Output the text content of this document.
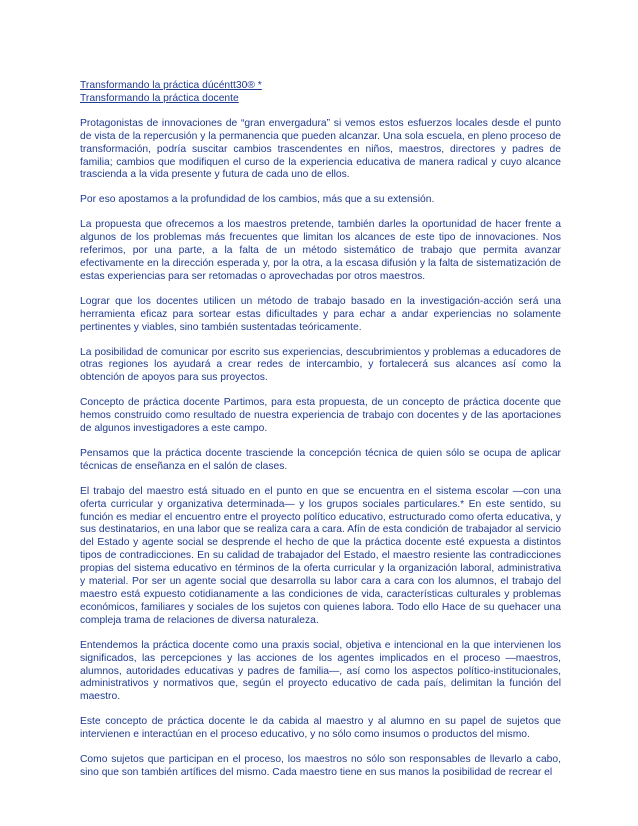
Transformando la práctica dúcéntt30® *
Transformando la práctica docente

Protagonistas de innovaciones de “gran envergadura” si vemos estos esfuerzos locales desde el punto de vista de la repercusión y la permanencia que pueden alcanzar. Una sola escuela, en pleno proceso de transformación, podría suscitar cambios trascendentes en niños, maestros, directores y padres de familia; cambios que modifiquen el curso de la experiencia educativa de manera radical y cuyo alcance trascienda a la vida presente y futura de cada uno de ellos.

Por eso apostamos a la profundidad de los cambios, más que a su extensión.

La propuesta que ofrecemos a los maestros pretende, también darles la oportunidad de hacer frente a algunos de los problemas más frecuentes que limitan los alcances de este tipo de innovaciones. Nos referimos, por una parte, a la falta de un método sistemático de trabajo que permita avanzar efectivamente en la dirección esperada y, por la otra, a la escasa difusión y la falta de sistematización de estas experiencias para ser retomadas o aprovechadas por otros maestros.

Lograr que los docentes utilicen un método de trabajo basado en la investigación-acción será una herramienta eficaz para sortear estas dificultades y para echar a andar experiencias no solamente pertinentes y viables, sino también sustentadas teóricamente.

La posibilidad de comunicar por escrito sus experiencias, descubrimientos y problemas a educadores de otras regiones los ayudará a crear redes de intercambio, y fortalecerá sus alcances así como la obtención de apoyos para sus proyectos.

Concepto de práctica docente Partimos, para esta propuesta, de un concepto de práctica docente que hemos construido como resultado de nuestra experiencia de trabajo con docentes y de las aportaciones de algunos investigadores a este campo.

Pensamos que la práctica docente trasciende la concepción técnica de quien sólo se ocupa de aplicar técnicas de enseñanza en el salón de clases.

El trabajo del maestro está situado en el punto en que se encuentra en el sistema escolar —con una oferta curricular y organizativa determinada— y los grupos sociales particulares.* En este sentido, su función es mediar el encuentro entre el proyecto político educativo, estructurado como oferta educativa, y sus destinatarios, en una labor que se realiza cara a cara. Afín de esta condición de trabajador al servicio del Estado y agente social se desprende el hecho de que la práctica docente esté expuesta a distintos tipos de contradicciones. En su calidad de trabajador del Estado, el maestro resiente las contradicciones propias del sistema educativo en términos de la oferta curricular y la organización laboral, administrativa y material. Por ser un agente social que desarrolla su labor cara a cara con los alumnos, el trabajo del maestro está expuesto cotidianamente a las condiciones de vida, características culturales y problemas económicos, familiares y sociales de los sujetos con quienes labora. Todo ello Hace de su quehacer una compleja trama de relaciones de diversa naturaleza.

Entendemos la práctica docente como una praxis social, objetiva e intencional en la que intervienen los significados, las percepciones y las acciones de los agentes implicados en el proceso —maestros, alumnos, autoridades educativas y padres de familia—, así como los aspectos político-institucionales, administrativos y normativos que, según el proyecto educativo de cada país, delimitan la función del maestro.

Este concepto de práctica docente le da cabida al maestro y al alumno en su papel de sujetos que intervienen e interactúan en el proceso educativo, y no sólo como insumos o productos del mismo.

Como sujetos que participan en el proceso, los maestros no sólo son responsables de llevarlo a cabo, sino que son también artífices del mismo. Cada maestro tiene en sus manos la posibilidad de recrear el
